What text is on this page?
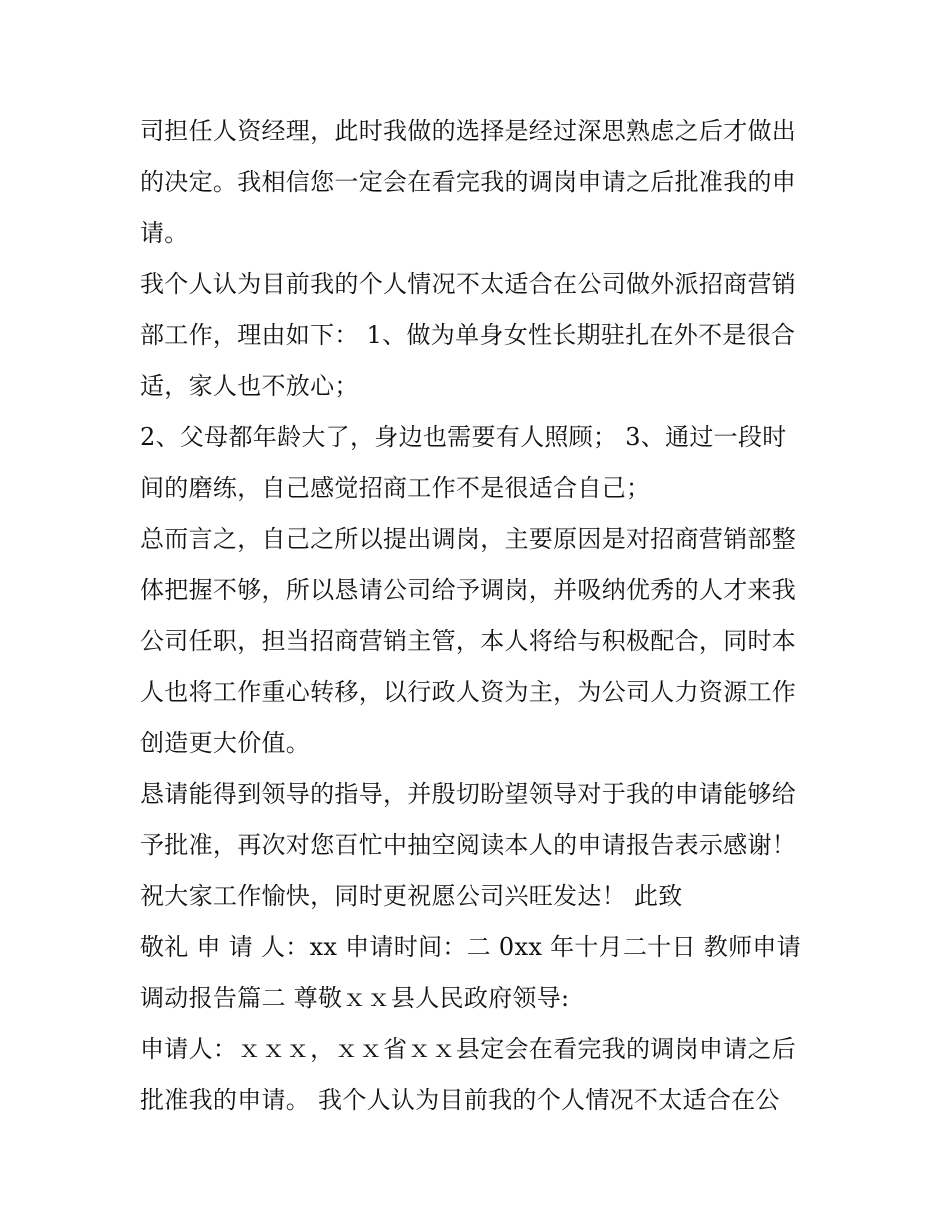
司担任人资经理，此时我做的选择是经过深思熟虑之后才做出
的决定。我相信您一定会在看完我的调岗申请之后批准我的申
请。
我个人认为目前我的个人情况不太适合在公司做外派招商营销
部工作，理由如下： 1、做为单身女性长期驻扎在外不是很合
适，家人也不放心；
2、父母都年龄大了，身边也需要有人照顾； 3、通过一段时
间的磨练，自己感觉招商工作不是很适合自己；
总而言之，自己之所以提出调岗，主要原因是对招商营销部整
体把握不够，所以恳请公司给予调岗，并吸纳优秀的人才来我
公司任职，担当招商营销主管，本人将给与积极配合，同时本
人也将工作重心转移，以行政人资为主，为公司人力资源工作
创造更大价值。
恳请能得到领导的指导，并殷切盼望领导对于我的申请能够给
予批准，再次对您百忙中抽空阅读本人的申请报告表示感谢！
祝大家工作愉快，同时更祝愿公司兴旺发达！ 此致
敬礼 申 请 人：xx 申请时间：二 0xx 年十月二十日 教师申请
调动报告篇二 尊敬ｘｘ县人民政府领导:
申请人：ｘｘｘ，ｘｘ省ｘｘ县定会在看完我的调岗申请之后
批准我的申请。 我个人认为目前我的个人情况不太适合在公
